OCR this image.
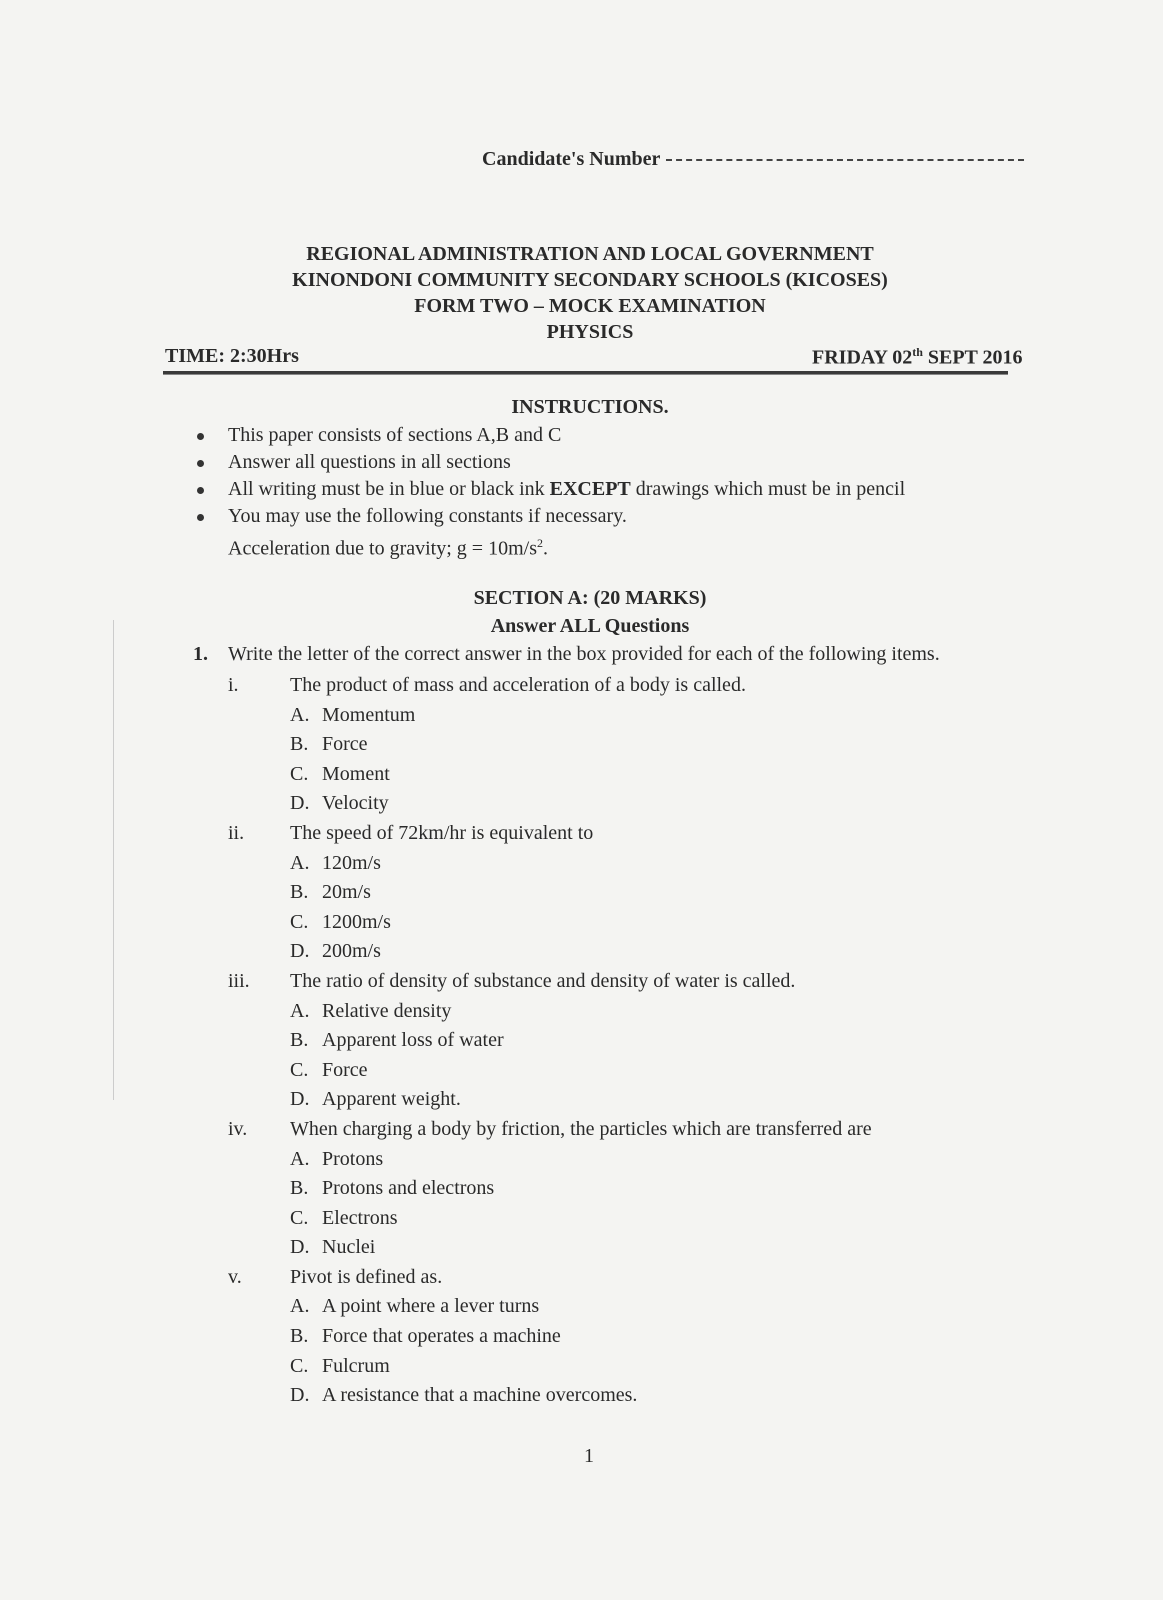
Candidate's Number
REGIONAL ADMINISTRATION AND LOCAL GOVERNMENT
KINONDONI COMMUNITY SECONDARY SCHOOLS (KICOSES)
FORM TWO – MOCK EXAMINATION
PHYSICS
TIME: 2:30Hrs	FRIDAY 02th SEPT 2016
INSTRUCTIONS.
This paper consists of sections A,B and C
Answer all questions in all sections
All writing must be in blue or black ink EXCEPT drawings which must be in pencil
You may use the following constants if necessary.
Acceleration due to gravity; $g = 10m/s^2$.
SECTION A: (20 MARKS)
Answer ALL Questions
1. Write the letter of the correct answer in the box provided for each of the following items.
i.	The product of mass and acceleration of a body is called.
A. Momentum
B. Force
C. Moment
D. Velocity
ii.	The speed of 72km/hr is equivalent to
A. 120m/s
B. 20m/s
C. 1200m/s
D. 200m/s
iii.	The ratio of density of substance and density of water is called.
A. Relative density
B. Apparent loss of water
C. Force
D. Apparent weight.
iv.	When charging a body by friction, the particles which are transferred are
A. Protons
B. Protons and electrons
C. Electrons
D. Nuclei
v.	Pivot is defined as.
A. A point where a lever turns
B. Force that operates a machine
C. Fulcrum
D. A resistance that a machine overcomes.
1
